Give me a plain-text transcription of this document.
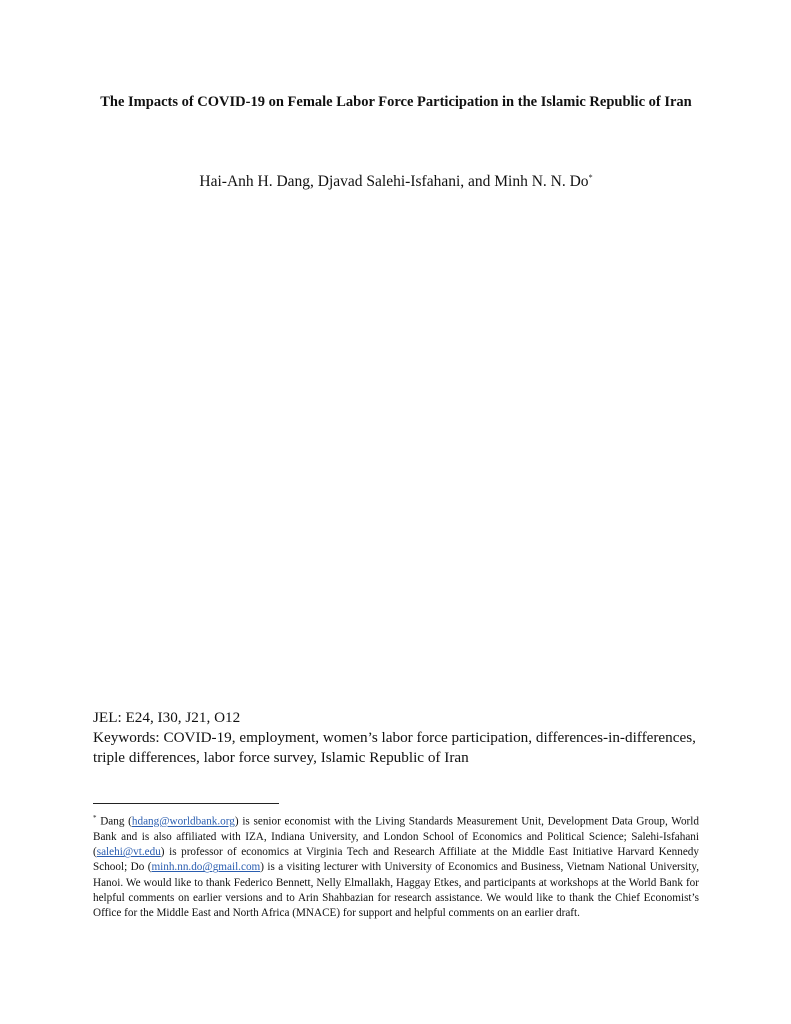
The Impacts of COVID-19 on Female Labor Force Participation in the Islamic Republic of Iran
Hai-Anh H. Dang, Djavad Salehi-Isfahani, and Minh N. N. Do*
JEL: E24, I30, J21, O12
Keywords: COVID-19, employment, women’s labor force participation, differences-in-differences, triple differences, labor force survey, Islamic Republic of Iran

* Dang (hdang@worldbank.org) is senior economist with the Living Standards Measurement Unit, Development Data Group, World Bank and is also affiliated with IZA, Indiana University, and London School of Economics and Political Science; Salehi-Isfahani (salehi@vt.edu) is professor of economics at Virginia Tech and Research Affiliate at the Middle East Initiative Harvard Kennedy School; Do (minh.nn.do@gmail.com) is a visiting lecturer with University of Economics and Business, Vietnam National University, Hanoi. We would like to thank Federico Bennett, Nelly Elmallakh, Haggay Etkes, and participants at workshops at the World Bank for helpful comments on earlier versions and to Arin Shahbazian for research assistance. We would like to thank the Chief Economist’s Office for the Middle East and North Africa (MNACE) for support and helpful comments on an earlier draft.
